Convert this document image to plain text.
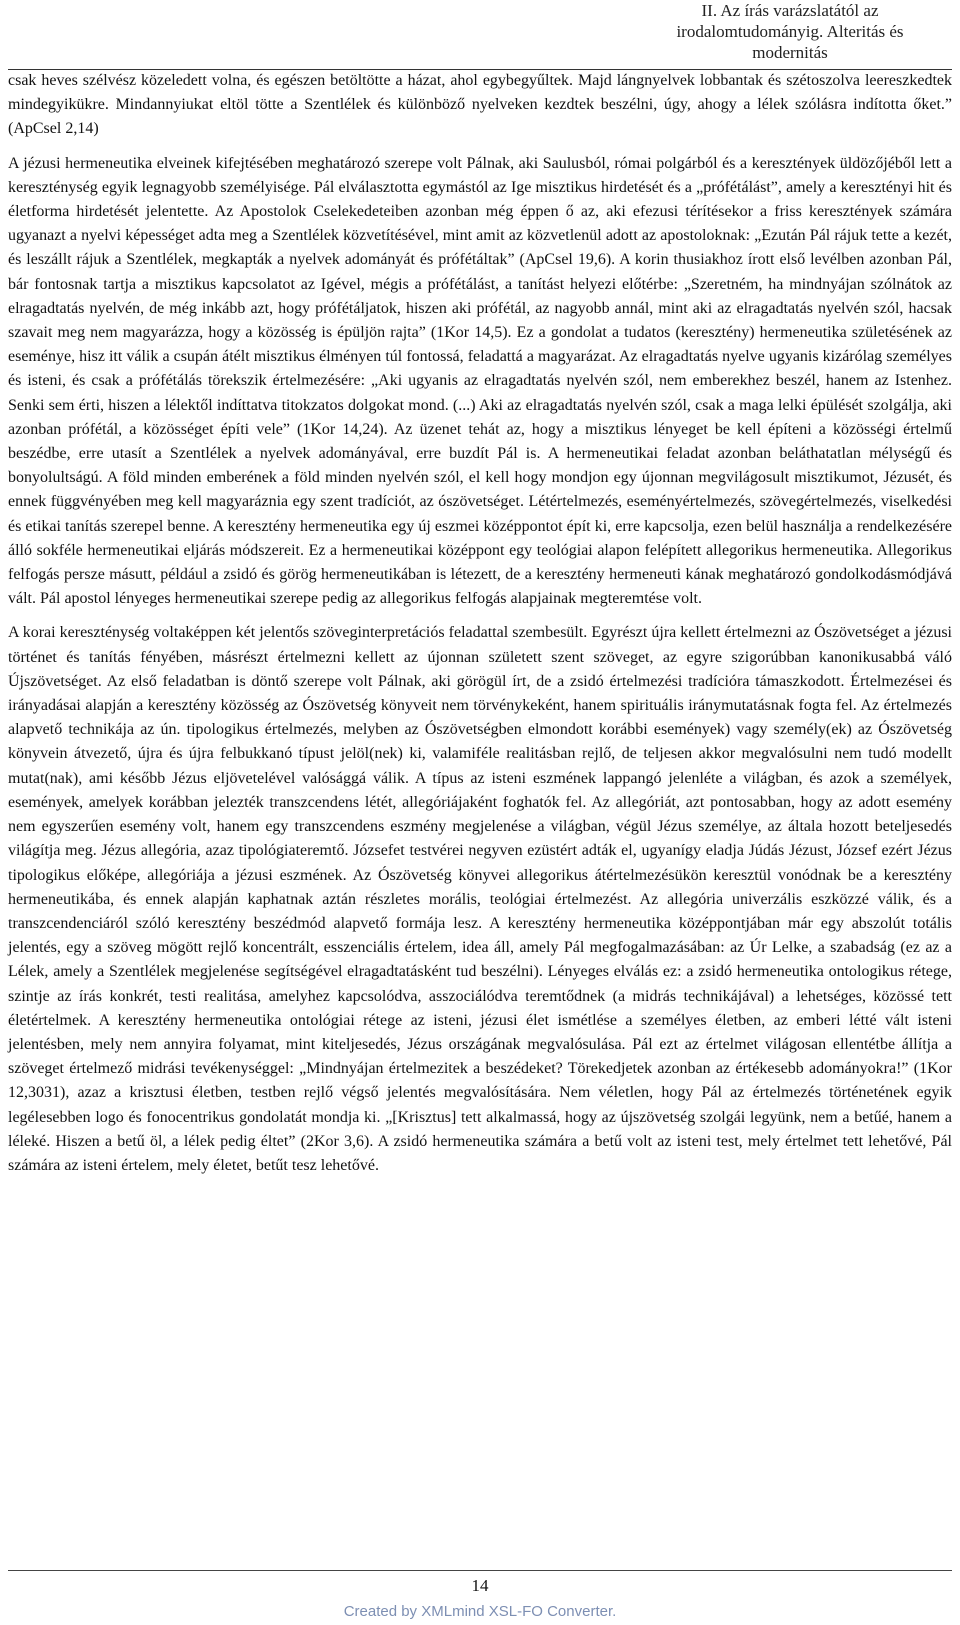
II. Az írás varázslatától az
irodalomtudományig. Alteritás és
modernitás

csak heves szélvész közeledett volna, és egészen betöltötte a házat, ahol egybegyűltek. Majd lángnyelvek lobbantak és szétoszolva leereszkedtek mindegyikükre. Mindannyiukat eltöl tötte a Szentlélek és különböző nyelveken kezdtek beszélni, úgy, ahogy a lélek szólásra indította őket.” (ApCsel 2,14)

A jézusi hermeneutika elveinek kifejtésében meghatározó szerepe volt Pálnak, aki Saulusból, római polgárból és a keresztények üldözőjéből lett a kereszténység egyik legnagyobb személyisége. Pál elválasztotta egymástól az Ige misztikus hirdetését és a „prófétálást”, amely a keresztényi hit és életforma hirdetését jelentette. Az Apostolok Cselekedeteiben azonban még éppen ő az, aki efezusi térítésekor a friss keresztények számára ugyanazt a nyelvi képességet adta meg a Szentlélek közvetítésével, mint amit az közvetlenül adott az apostoloknak: „Ezután Pál rájuk tette a kezét, és leszállt rájuk a Szentlélek, megkapták a nyelvek adományát és prófétáltak” (ApCsel 19,6). A korin thusiakhoz írott első levélben azonban Pál, bár fontosnak tartja a misztikus kapcsolatot az Igével, mégis a prófétálást, a tanítást helyezi előtérbe: „Szeretném, ha mindnyájan szólnátok az elragadtatás nyelvén, de még inkább azt, hogy prófétáljatok, hiszen aki prófétál, az nagyobb annál, mint aki az elragadtatás nyelvén szól, hacsak szavait meg nem magyarázza, hogy a közösség is épüljön rajta” (1Kor 14,5). Ez a gondolat a tudatos (keresztény) hermeneutika születésének az eseménye, hisz itt válik a csupán átélt misztikus élményen túl fontossá, feladattá a magyarázat. Az elragadtatás nyelve ugyanis kizárólag személyes és isteni, és csak a prófétálás törekszik értelmezésére: „Aki ugyanis az elragadtatás nyelvén szól, nem emberekhez beszél, hanem az Istenhez. Senki sem érti, hiszen a lélektől indíttatva titokzatos dolgokat mond. (...) Aki az elragadtatás nyelvén szól, csak a maga lelki épülését szolgálja, aki azonban prófétál, a közösséget építi vele” (1Kor 14,24). Az üzenet tehát az, hogy a misztikus lényeget be kell építeni a közösségi értelmű beszédbe, erre utasít a Szentlélek a nyelvek adományával, erre buzdít Pál is. A hermeneutikai feladat azonban beláthatatlan mélységű és bonyolultságú. A föld minden emberének a föld minden nyelvén szól, el kell hogy mondjon egy újonnan megvilágosult misztikumot, Jézusét, és ennek függvényében meg kell magyaráznia egy szent tradíciót, az ószövetséget. Létértelmezés, eseményértelmezés, szövegértelmezés, viselkedési és etikai tanítás szerepel benne. A keresztény hermeneutika egy új eszmei középpontot épít ki, erre kapcsolja, ezen belül használja a rendelkezésére álló sokféle hermeneutikai eljárás módszereit. Ez a hermeneutikai középpont egy teológiai alapon felépített allegorikus hermeneutika. Allegorikus felfogás persze másutt, például a zsidó és görög hermeneutikában is létezett, de a keresztény hermeneuti kának meghatározó gondolkodásmódjává vált. Pál apostol lényeges hermeneutikai szerepe pedig az allegorikus felfogás alapjainak megteremtése volt.

A korai kereszténység voltaképpen két jelentős szöveginterpretációs feladattal szembesült. Egyrészt újra kellett értelmezni az Ószövetséget a jézusi történet és tanítás fényében, másrészt értelmezni kellett az újonnan született szent szöveget, az egyre szigorúbban kanonikusabbá váló Újszövetséget. Az első feladatban is döntő szerepe volt Pálnak, aki görögül írt, de a zsidó értelmezési tradícióra támaszkodott. Értelmezései és irányadásai alapján a keresztény közösség az Ószövetség könyveit nem törvénykeként, hanem spirituális iránymutatásnak fogta fel. Az értelmezés alapvető technikája az ún. tipologikus értelmezés, melyben az Ószövetségben elmondott korábbi események) vagy személy(ek) az Ószövetség könyvein átvezető, újra és újra felbukkanó típust jelöl(nek) ki, valamiféle realitásban rejlő, de teljesen akkor megvalósulni nem tudó modellt mutat(nak), ami később Jézus eljövetelével valósággá válik. A típus az isteni eszmének lappangó jelenléte a világban, és azok a személyek, események, amelyek korábban jelezték transzcendens létét, allegóriájaként foghatók fel. Az allegóriát, azt pontosabban, hogy az adott esemény nem egyszerűen esemény volt, hanem egy transzcendens eszmény megjelenése a világban, végül Jézus személye, az általa hozott beteljesedés világítja meg. Jézus allegória, azaz tipológiateremtő. Józsefet testvérei negyven ezüstért adták el, ugyanígy eladja Júdás Jézust, József ezért Jézus tipologikus előképe, allegóriája a jézusi eszmének. Az Ószövetség könyvei allegorikus átértelmezésükön keresztül vonódnak be a keresztény hermeneutikába, és ennek alapján kaphatnak aztán részletes morális, teológiai értelmezést. Az allegória univerzális eszközzé válik, és a transzcendenciáról szóló keresztény beszédmód alapvető formája lesz. A keresztény hermeneutika középpontjában már egy abszolút totális jelentés, egy a szöveg mögött rejlő koncentrált, esszenciális értelem, idea áll, amely Pál megfogalmazásában: az Úr Lelke, a szabadság (ez az a Lélek, amely a Szentlélek megjelenése segítségével elragadtatásként tud beszélni). Lényeges elválás ez: a zsidó hermeneutika ontologikus rétege, szintje az írás konkrét, testi realitása, amelyhez kapcsolódva, asszociálódva teremtődnek (a midrás technikájával) a lehetséges, közössé tett életértelmek. A keresztény hermeneutika ontológiai rétege az isteni, jézusi élet ismétlése a személyes életben, az emberi létté vált isteni jelentésben, mely nem annyira folyamat, mint kiteljesedés, Jézus országának megvalósulása. Pál ezt az értelmet világosan ellentétbe állítja a szöveget értelmező midrási tevékenységgel: „Mindnyájan értelmezitek a beszédeket? Törekedjetek azonban az értékesebb adományokra!” (1Kor 12,3031), azaz a krisztusi életben, testben rejlő végső jelentés megvalósítására. Nem véletlen, hogy Pál az értelmezés történetének egyik legélesebben logo és fonocentrikus gondolatát mondja ki. „[Krisztus] tett alkalmassá, hogy az újszövetség szolgái legyünk, nem a betűé, hanem a léleké. Hiszen a betű öl, a lélek pedig éltet” (2Kor 3,6). A zsidó hermeneutika számára a betű volt az isteni test, mely értelmet tett lehetővé, Pál számára az isteni értelem, mely életet, betűt tesz lehetővé.

14
Created by XMLmind XSL-FO Converter.
